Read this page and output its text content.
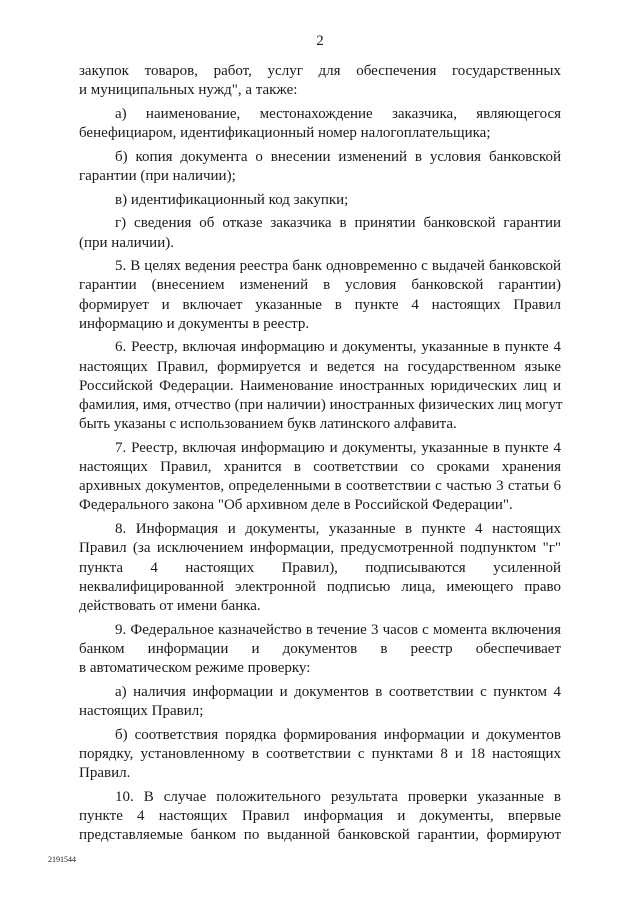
2
закупок товаров, работ, услуг для обеспечения государственных
и муниципальных нужд", а также:
а) наименование, местонахождение заказчика, являющегося
бенефициаром, идентификационный номер налогоплательщика;
б) копия документа о внесении изменений в условия банковской
гарантии (при наличии);
в) идентификационный код закупки;
г) сведения об отказе заказчика в принятии банковской гарантии
(при наличии).
5. В целях ведения реестра банк одновременно с выдачей банковской
гарантии (внесением изменений в условия банковской гарантии)
формирует и включает указанные в пункте 4 настоящих Правил
информацию и документы в реестр.
6. Реестр, включая информацию и документы, указанные в пункте 4
настоящих Правил, формируется и ведется на государственном языке
Российской Федерации. Наименование иностранных юридических лиц и
фамилия, имя, отчество (при наличии) иностранных физических лиц могут
быть указаны с использованием букв латинского алфавита.
7. Реестр, включая информацию и документы, указанные в пункте 4
настоящих Правил, хранится в соответствии со сроками хранения
архивных документов, определенными в соответствии с частью 3 статьи 6
Федерального закона "Об архивном деле в Российской Федерации".
8. Информация и документы, указанные в пункте 4 настоящих
Правил (за исключением информации, предусмотренной подпунктом "г"
пункта 4 настоящих Правил), подписываются усиленной
неквалифицированной электронной подписью лица, имеющего право
действовать от имени банка.
9. Федеральное казначейство в течение 3 часов с момента включения
банком информации и документов в реестр обеспечивает
в автоматическом режиме проверку:
а) наличия информации и документов в соответствии с пунктом 4
настоящих Правил;
б) соответствия порядка формирования информации и документов
порядку, установленному в соответствии с пунктами 8 и 18 настоящих
Правил.
10. В случае положительного результата проверки указанные в
пункте 4 настоящих Правил информация и документы, впервые
представляемые банком по выданной банковской гарантии, формируют
2191544
